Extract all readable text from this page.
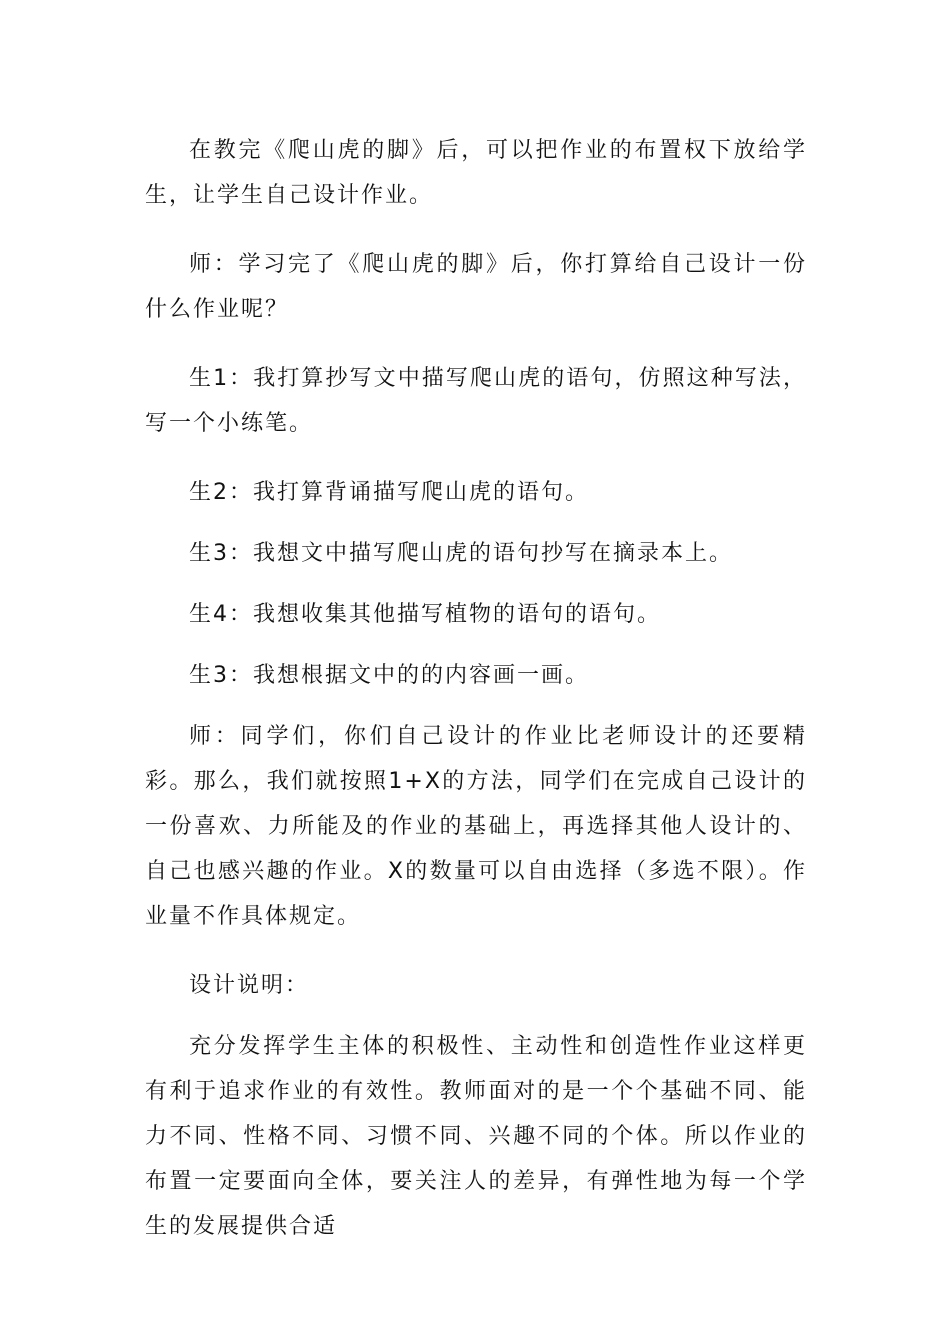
在教完《爬山虎的脚》后，可以把作业的布置权下放给学生，让学生自己设计作业。

师：学习完了《爬山虎的脚》后，你打算给自己设计一份什么作业呢？

生1：我打算抄写文中描写爬山虎的语句，仿照这种写法，写一个小练笔。

生2：我打算背诵描写爬山虎的语句。

生3：我想文中描写爬山虎的语句抄写在摘录本上。

生4：我想收集其他描写植物的语句的语句。

生3：我想根据文中的的内容画一画。

师：同学们，你们自己设计的作业比老师设计的还要精彩。那么，我们就按照1+X的方法，同学们在完成自己设计的一份喜欢、力所能及的作业的基础上，再选择其他人设计的、自己也感兴趣的作业。X的数量可以自由选择（多选不限）。作业量不作具体规定。

设计说明：

充分发挥学生主体的积极性、主动性和创造性作业这样更有利于追求作业的有效性。教师面对的是一个个基础不同、能力不同、性格不同、习惯不同、兴趣不同的个体。所以作业的布置一定要面向全体，要关注人的差异，有弹性地为每一个学生的发展提供合适
